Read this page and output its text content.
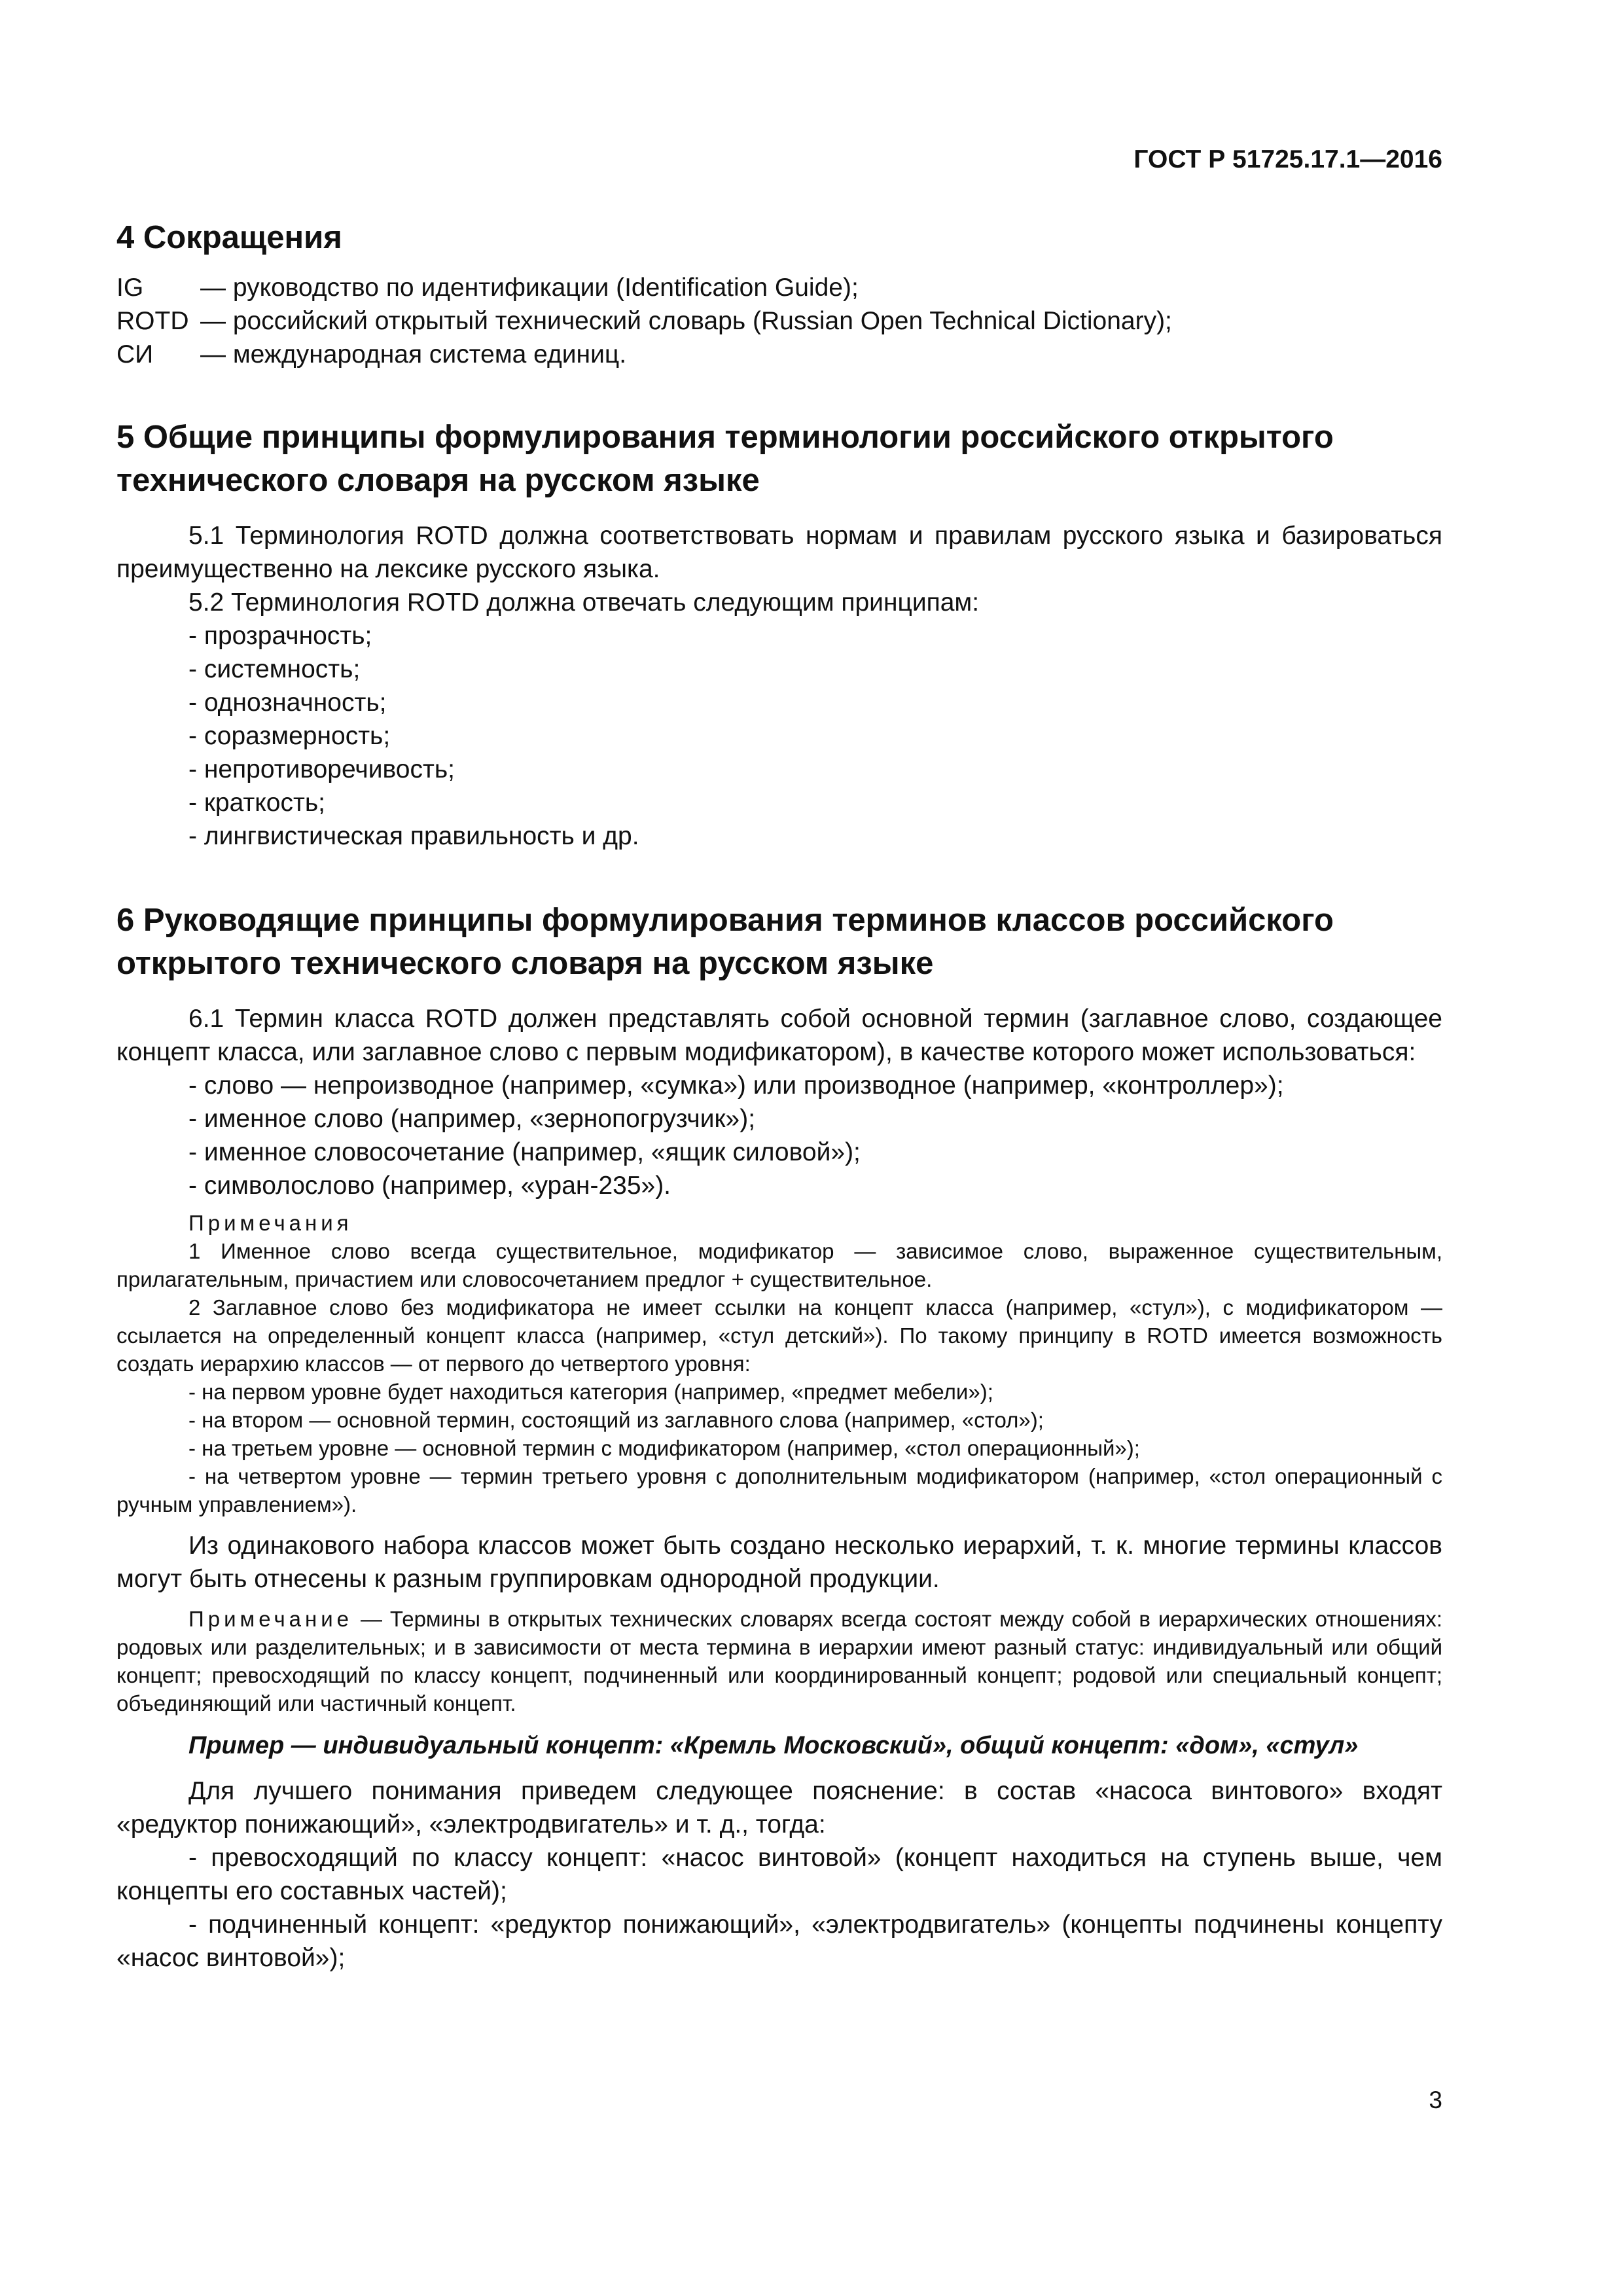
ГОСТ Р 51725.17.1—2016
4 Сокращения
IG	— руководство по идентификации (Identification Guide);
ROTD — российский открытый технический словарь (Russian Open Technical Dictionary);
СИ	— международная система единиц.
5 Общие принципы формулирования терминологии российского открытого технического словаря на русском языке

5.1 Терминология ROTD должна соответствовать нормам и правилам русского языка и базироваться преимущественно на лексике русского языка.

5.2 Терминология ROTD должна отвечать следующим принципам:

- прозрачность;

- системность;

- однозначность;

- соразмерность;

- непротиворечивость;

- краткость;

- лингвистическая правильность и др.

6 Руководящие принципы формулирования терминов классов российского открытого технического словаря на русском языке

6.1 Термин класса ROTD должен представлять собой основной термин (заглавное слово, создающее концепт класса, или заглавное слово с первым модификатором), в качестве которого может использоваться:

- слово — непроизводное (например, «сумка») или производное (например, «контроллер»);

- именное слово (например, «зернопогрузчик»);

- именное словосочетание (например, «ящик силовой»);

- символослово (например, «уран-235»).

Примечания

1 Именное слово всегда существительное, модификатор — зависимое слово, выраженное существительным, прилагательным, причастием или словосочетанием предлог + существительное.

2 Заглавное слово без модификатора не имеет ссылки на концепт класса (например, «стул»), с модификатором — ссылается на определенный концепт класса (например, «стул детский»). По такому принципу в ROTD имеется возможность создать иерархию классов — от первого до четвертого уровня:

- на первом уровне будет находиться категория (например, «предмет мебели»);

- на втором — основной термин, состоящий из заглавного слова (например, «стол»);

- на третьем уровне — основной термин с модификатором (например, «стол операционный»);

- на четвертом уровне — термин третьего уровня с дополнительным модификатором (например, «стол операционный с ручным управлением»).

Из одинакового набора классов может быть создано несколько иерархий, т. к. многие термины классов могут быть отнесены к разным группировкам однородной продукции.

Примечание — Термины в открытых технических словарях всегда состоят между собой в иерархических отношениях: родовых или разделительных; и в зависимости от места термина в иерархии имеют разный статус: индивидуальный или общий концепт; превосходящий по классу концепт, подчиненный или координированный концепт; родовой или специальный концепт; объединяющий или частичный концепт.

Пример — индивидуальный концепт: «Кремль Московский», общий концепт: «дом», «стул»

Для лучшего понимания приведем следующее пояснение: в состав «насоса винтового» входят «редуктор понижающий», «электродвигатель» и т. д., тогда:

- превосходящий по классу концепт: «насос винтовой» (концепт находиться на ступень выше, чем концепты его составных частей);

- подчиненный концепт: «редуктор понижающий», «электродвигатель» (концепты подчинены концепту «насос винтовой»);

3
